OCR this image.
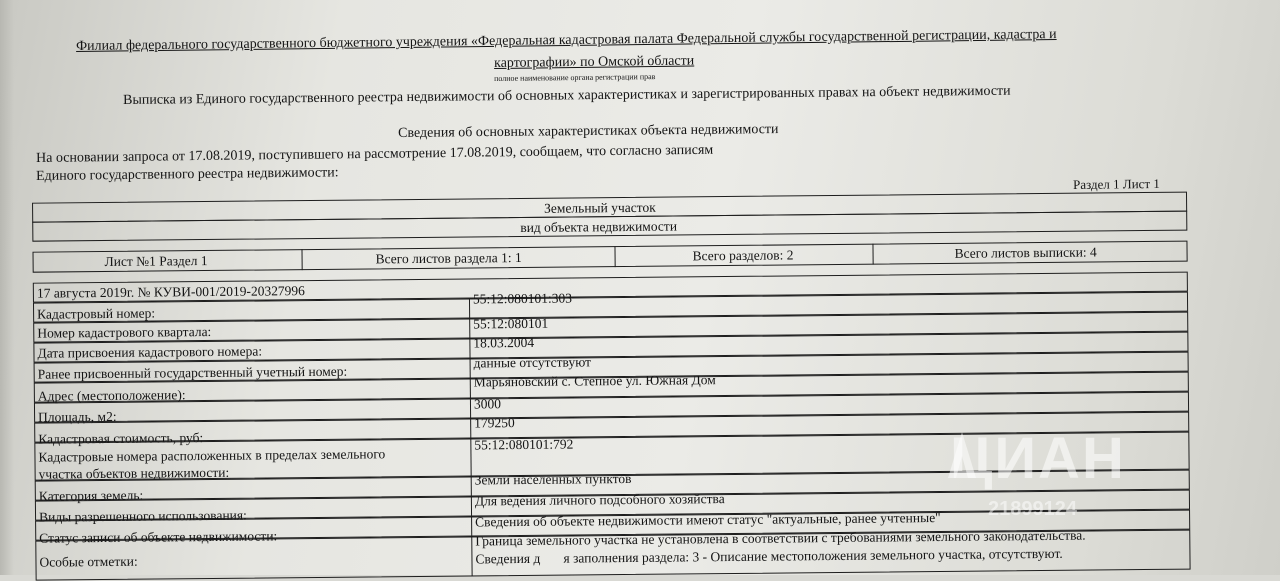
Филиал федерального государственного бюджетного учреждения «Федеральная кадастровая палата Федеральной службы государственной регистрации, кадастра и
картографии» по Омской области
полное наименование органа регистрации прав
Выписка из Единого государственного реестра недвижимости об основных характеристиках и зарегистрированных правах на объект недвижимости
Сведения об основных характеристиках объекта недвижимости
На основании запроса от 17.08.2019, поступившего на рассмотрение 17.08.2019, сообщаем, что согласно записям
Единого государственного реестра недвижимости:	Раздел 1 Лист 1
Земельный участок
вид объекта недвижимости
Лист №1 Раздел 1	Всего листов раздела 1: 1	Всего разделов: 2	Всего листов выписки: 4
17 августа 2019г. № КУВИ-001/2019-20327996
Кадастровый номер:
55:12:080101:303
Номер кадастрового квартала:
55:12:080101
Дата присвоения кадастрового номера:
18.03.2004
Ранее присвоенный государственный учетный номер:
данные отсутствуют
Адрес (местоположение):
Марьяновский с. Степное ул. Южная Дом
Площадь, м2:
3000
Кадастровая стоимость, руб:
179250
Кадастровые номера расположенных в пределах земельного
участка объектов недвижимости:
55:12:080101:792
Категория земель:
Земли населенных пунктов
Виды разрешенного использования:
Для ведения личного подсобного хозяйства
Статус записи об объекте недвижимости:
Сведения об объекте недвижимости имеют статус "актуальные, ранее учтенные"
Особые отметки:
Граница земельного участка не установлена в соответствии с требованиями земельного законодательства.
Сведения д я заполнения раздела: 3 - Описание местоположения земельного участка, отсутствуют.
ЦИАН
21899124
